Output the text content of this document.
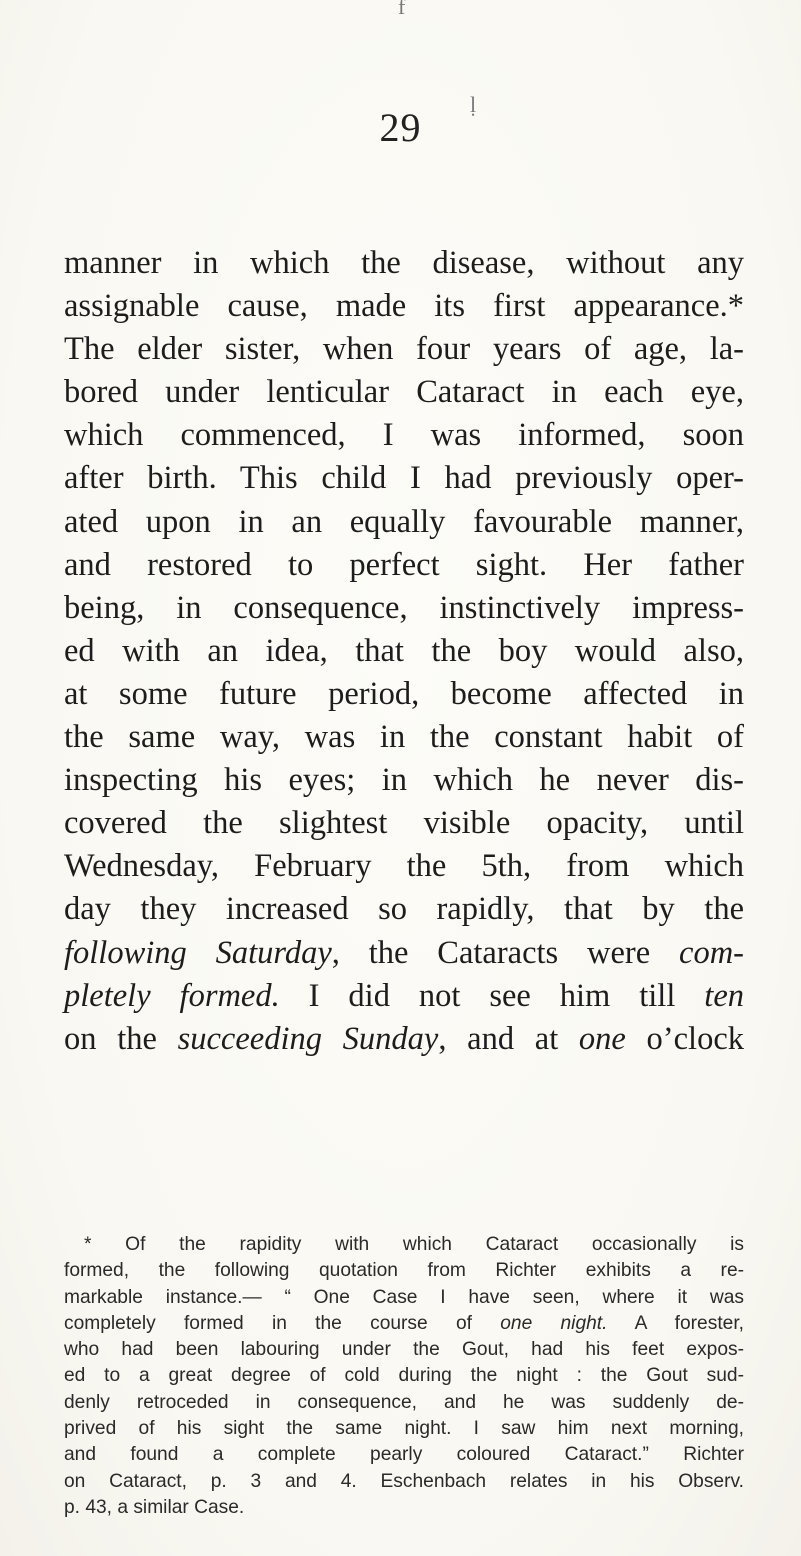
f
ḷ
29
manner in which the disease, without any
assignable cause, made its first appearance.*
The elder sister, when four years of age, la-
bored under lenticular Cataract in each eye,
which commenced, I was informed, soon
after birth. This child I had previously oper-
ated upon in an equally favourable manner,
and restored to perfect sight. Her father
being, in consequence, instinctively impress-
ed with an idea, that the boy would also,
at some future period, become affected in
the same way, was in the constant habit of
inspecting his eyes; in which he never dis-
covered the slightest visible opacity, until
Wednesday, February the 5th, from which
day they increased so rapidly, that by the
following Saturday, the Cataracts were com-
pletely formed. I did not see him till ten
on the succeeding Sunday, and at one o’clock
* Of the rapidity with which Cataract occasionally is
formed, the following quotation from Richter exhibits a re-
markable instance.— “ One Case I have seen, where it was
completely formed in the course of one night. A forester,
who had been labouring under the Gout, had his feet expos-
ed to a great degree of cold during the night : the Gout sud-
denly retroceded in consequence, and he was suddenly de-
prived of his sight the same night. I saw him next morning,
and found a complete pearly coloured Cataract.” Richter
on Cataract, p. 3 and 4. Eschenbach relates in his Observ.
p. 43, a similar Case.
